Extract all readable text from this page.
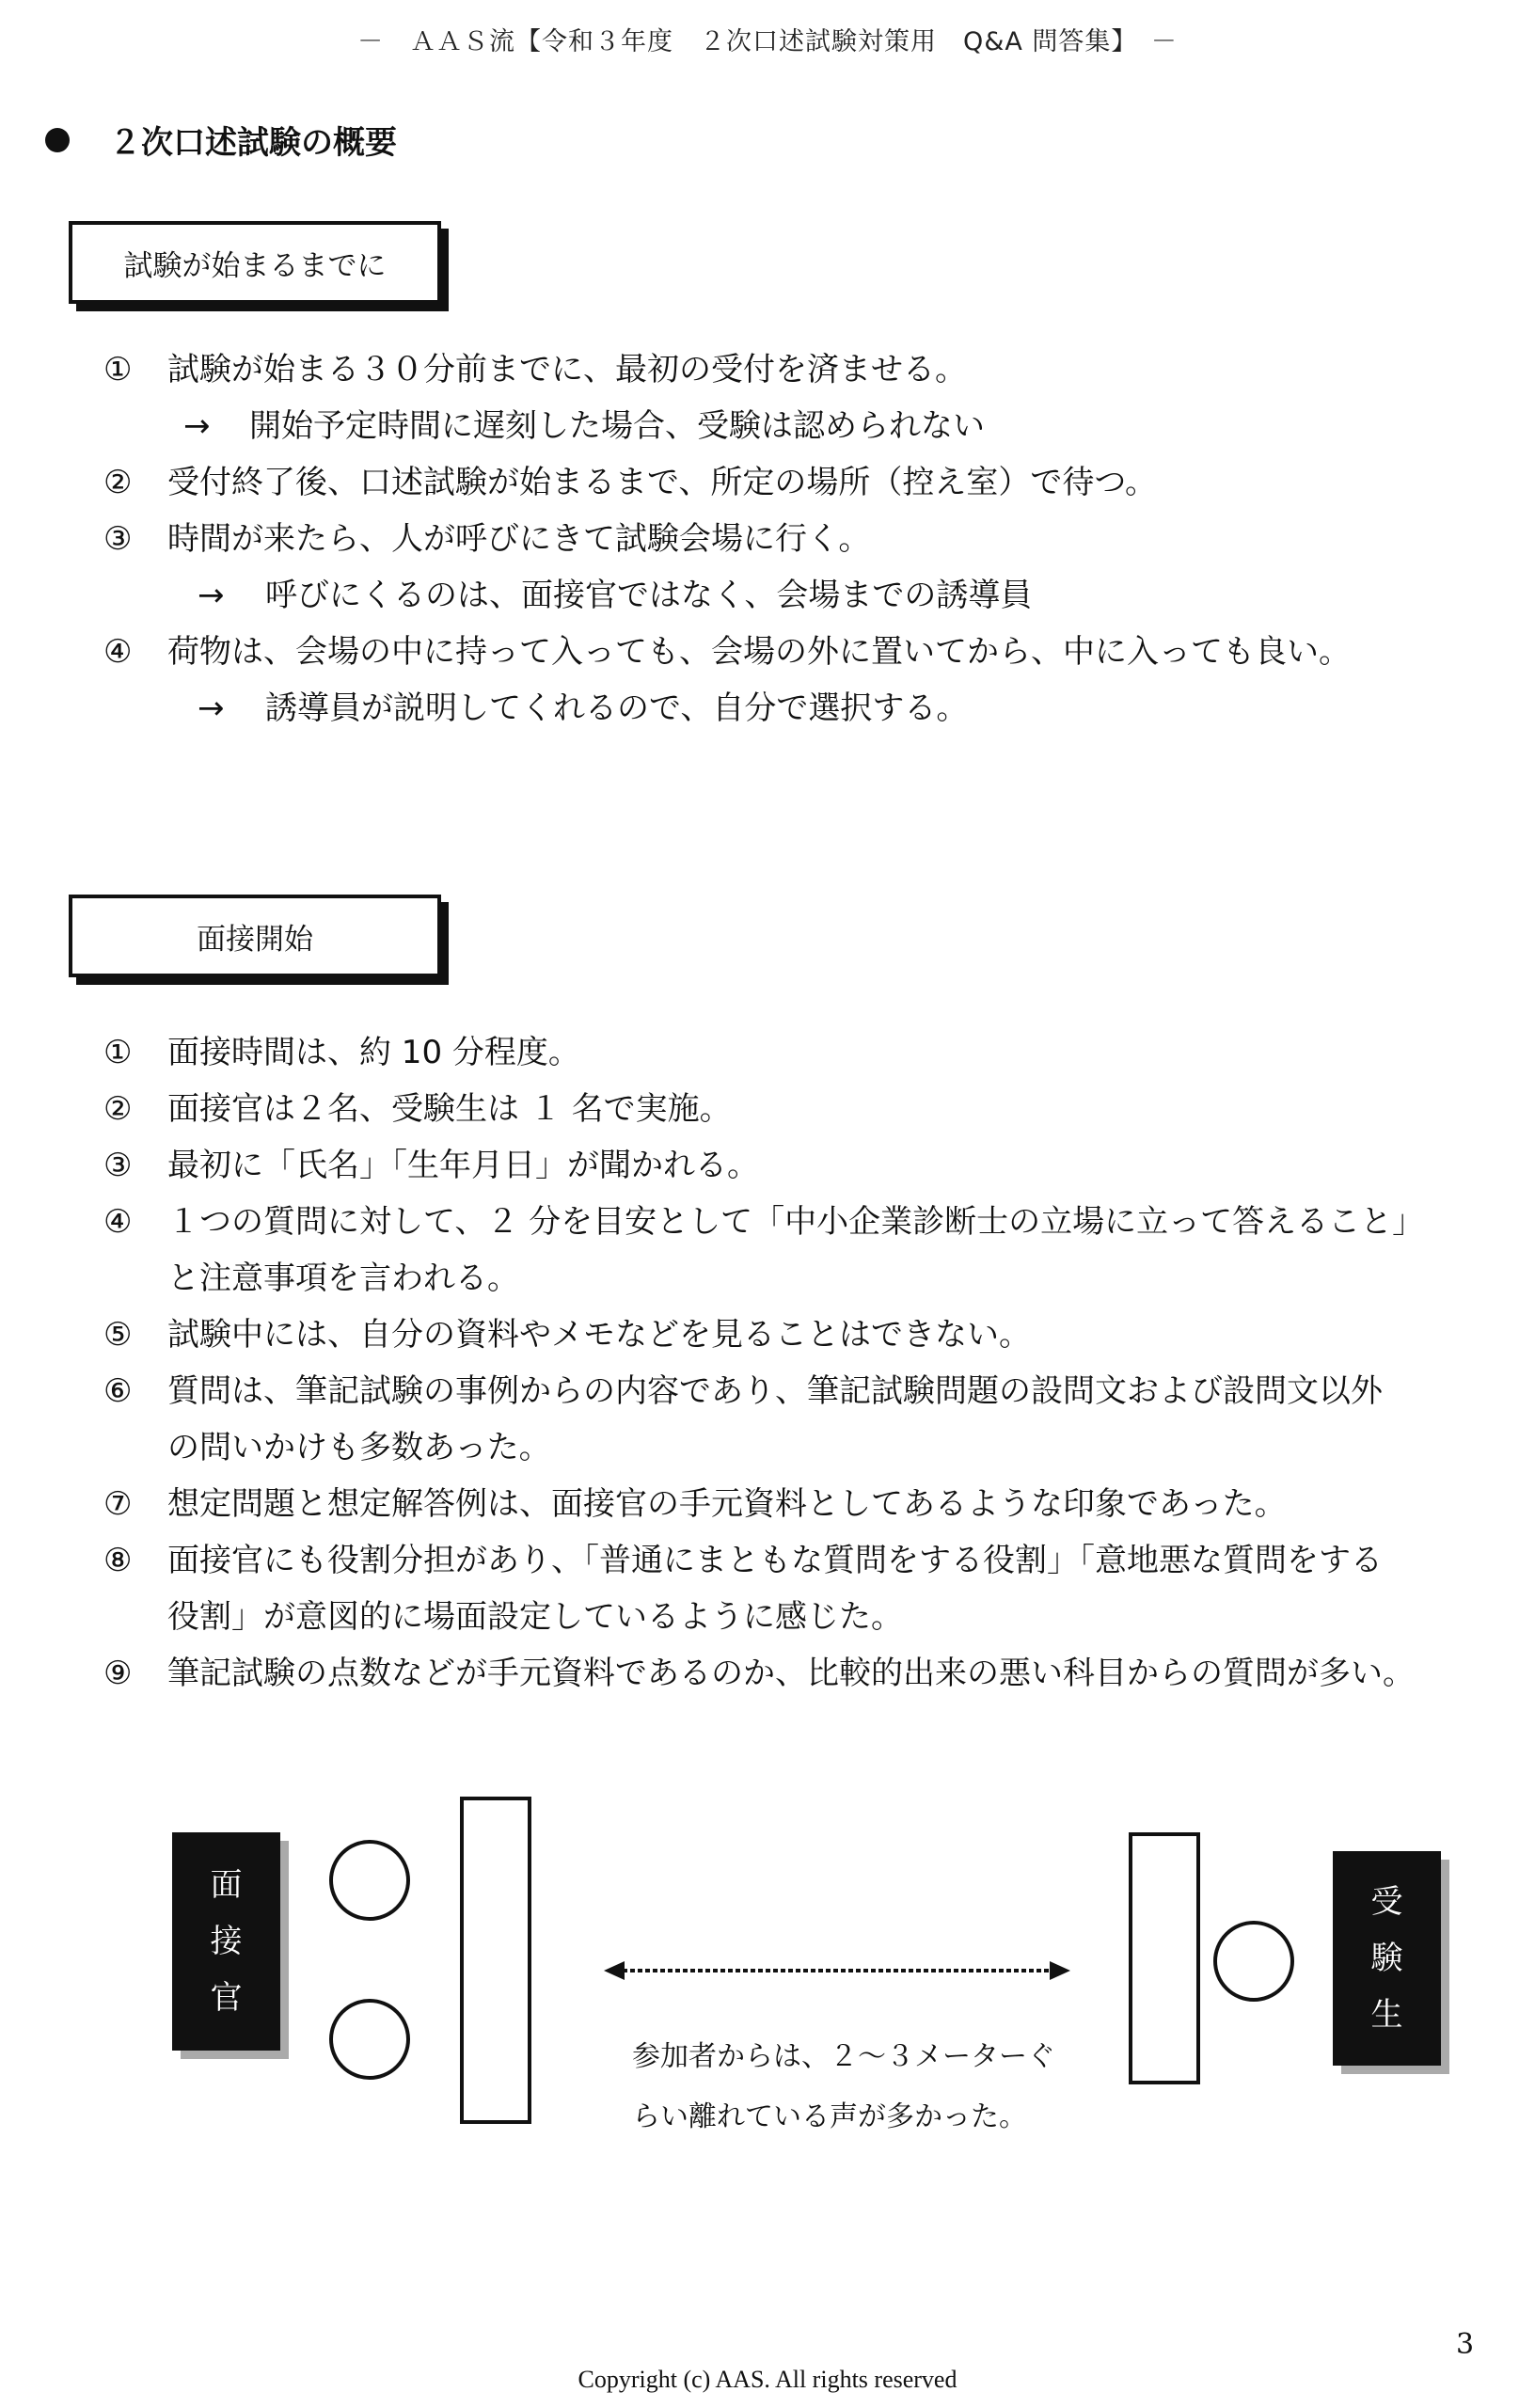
－　ＡＡＳ流【令和３年度　２次口述試験対策用　Q&A 問答集】　－
２次口述試験の概要
試験が始まるまでに
①	試験が始まる３０分前までに、最初の受付を済ませる。
→	開始予定時間に遅刻した場合、受験は認められない
②	受付終了後、口述試験が始まるまで、所定の場所（控え室）で待つ。
③	時間が来たら、人が呼びにきて試験会場に行く。
→	呼びにくるのは、面接官ではなく、会場までの誘導員
④	荷物は、会場の中に持って入っても、会場の外に置いてから、中に入っても良い。
→	誘導員が説明してくれるので、自分で選択する。
面接開始
①	面接時間は、約 10 分程度。
②	面接官は２名、受験生は １ 名で実施。
③	最初に「氏名」「生年月日」が聞かれる。
④	１つの質問に対して、２ 分を目安として「中小企業診断士の立場に立って答えること」
と注意事項を言われる。
⑤	試験中には、自分の資料やメモなどを見ることはできない。
⑥	質問は、筆記試験の事例からの内容であり、筆記試験問題の設問文および設問文以外
の問いかけも多数あった。
⑦	想定問題と想定解答例は、面接官の手元資料としてあるような印象であった。
⑧	面接官にも役割分担があり、「普通にまともな質問をする役割」「意地悪な質問をする
役割」が意図的に場面設定しているように感じた。
⑨	筆記試験の点数などが手元資料であるのか、比較的出来の悪い科目からの質問が多い。
面
接
官
参加者からは、２～３メーターぐ
らい離れている声が多かった。
受
験
生
3
Copyright (c) AAS. All rights reserved
